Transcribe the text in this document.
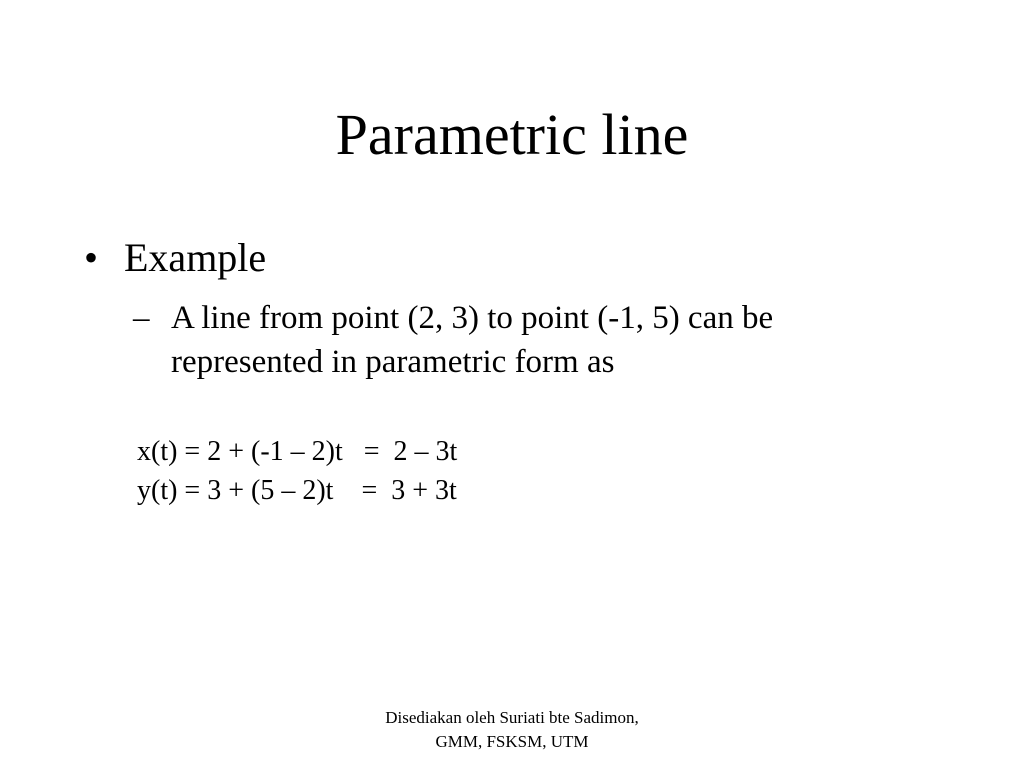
Parametric line
• Example
– A line from point (2, 3) to point (-1, 5) can be
represented in parametric form as
x(t) = 2 + (-1 – 2)t   =  2 – 3t
y(t) = 3 + (5 – 2)t    =  3 + 3t
Disediakan oleh Suriati bte Sadimon,
GMM, FSKSM, UTM
